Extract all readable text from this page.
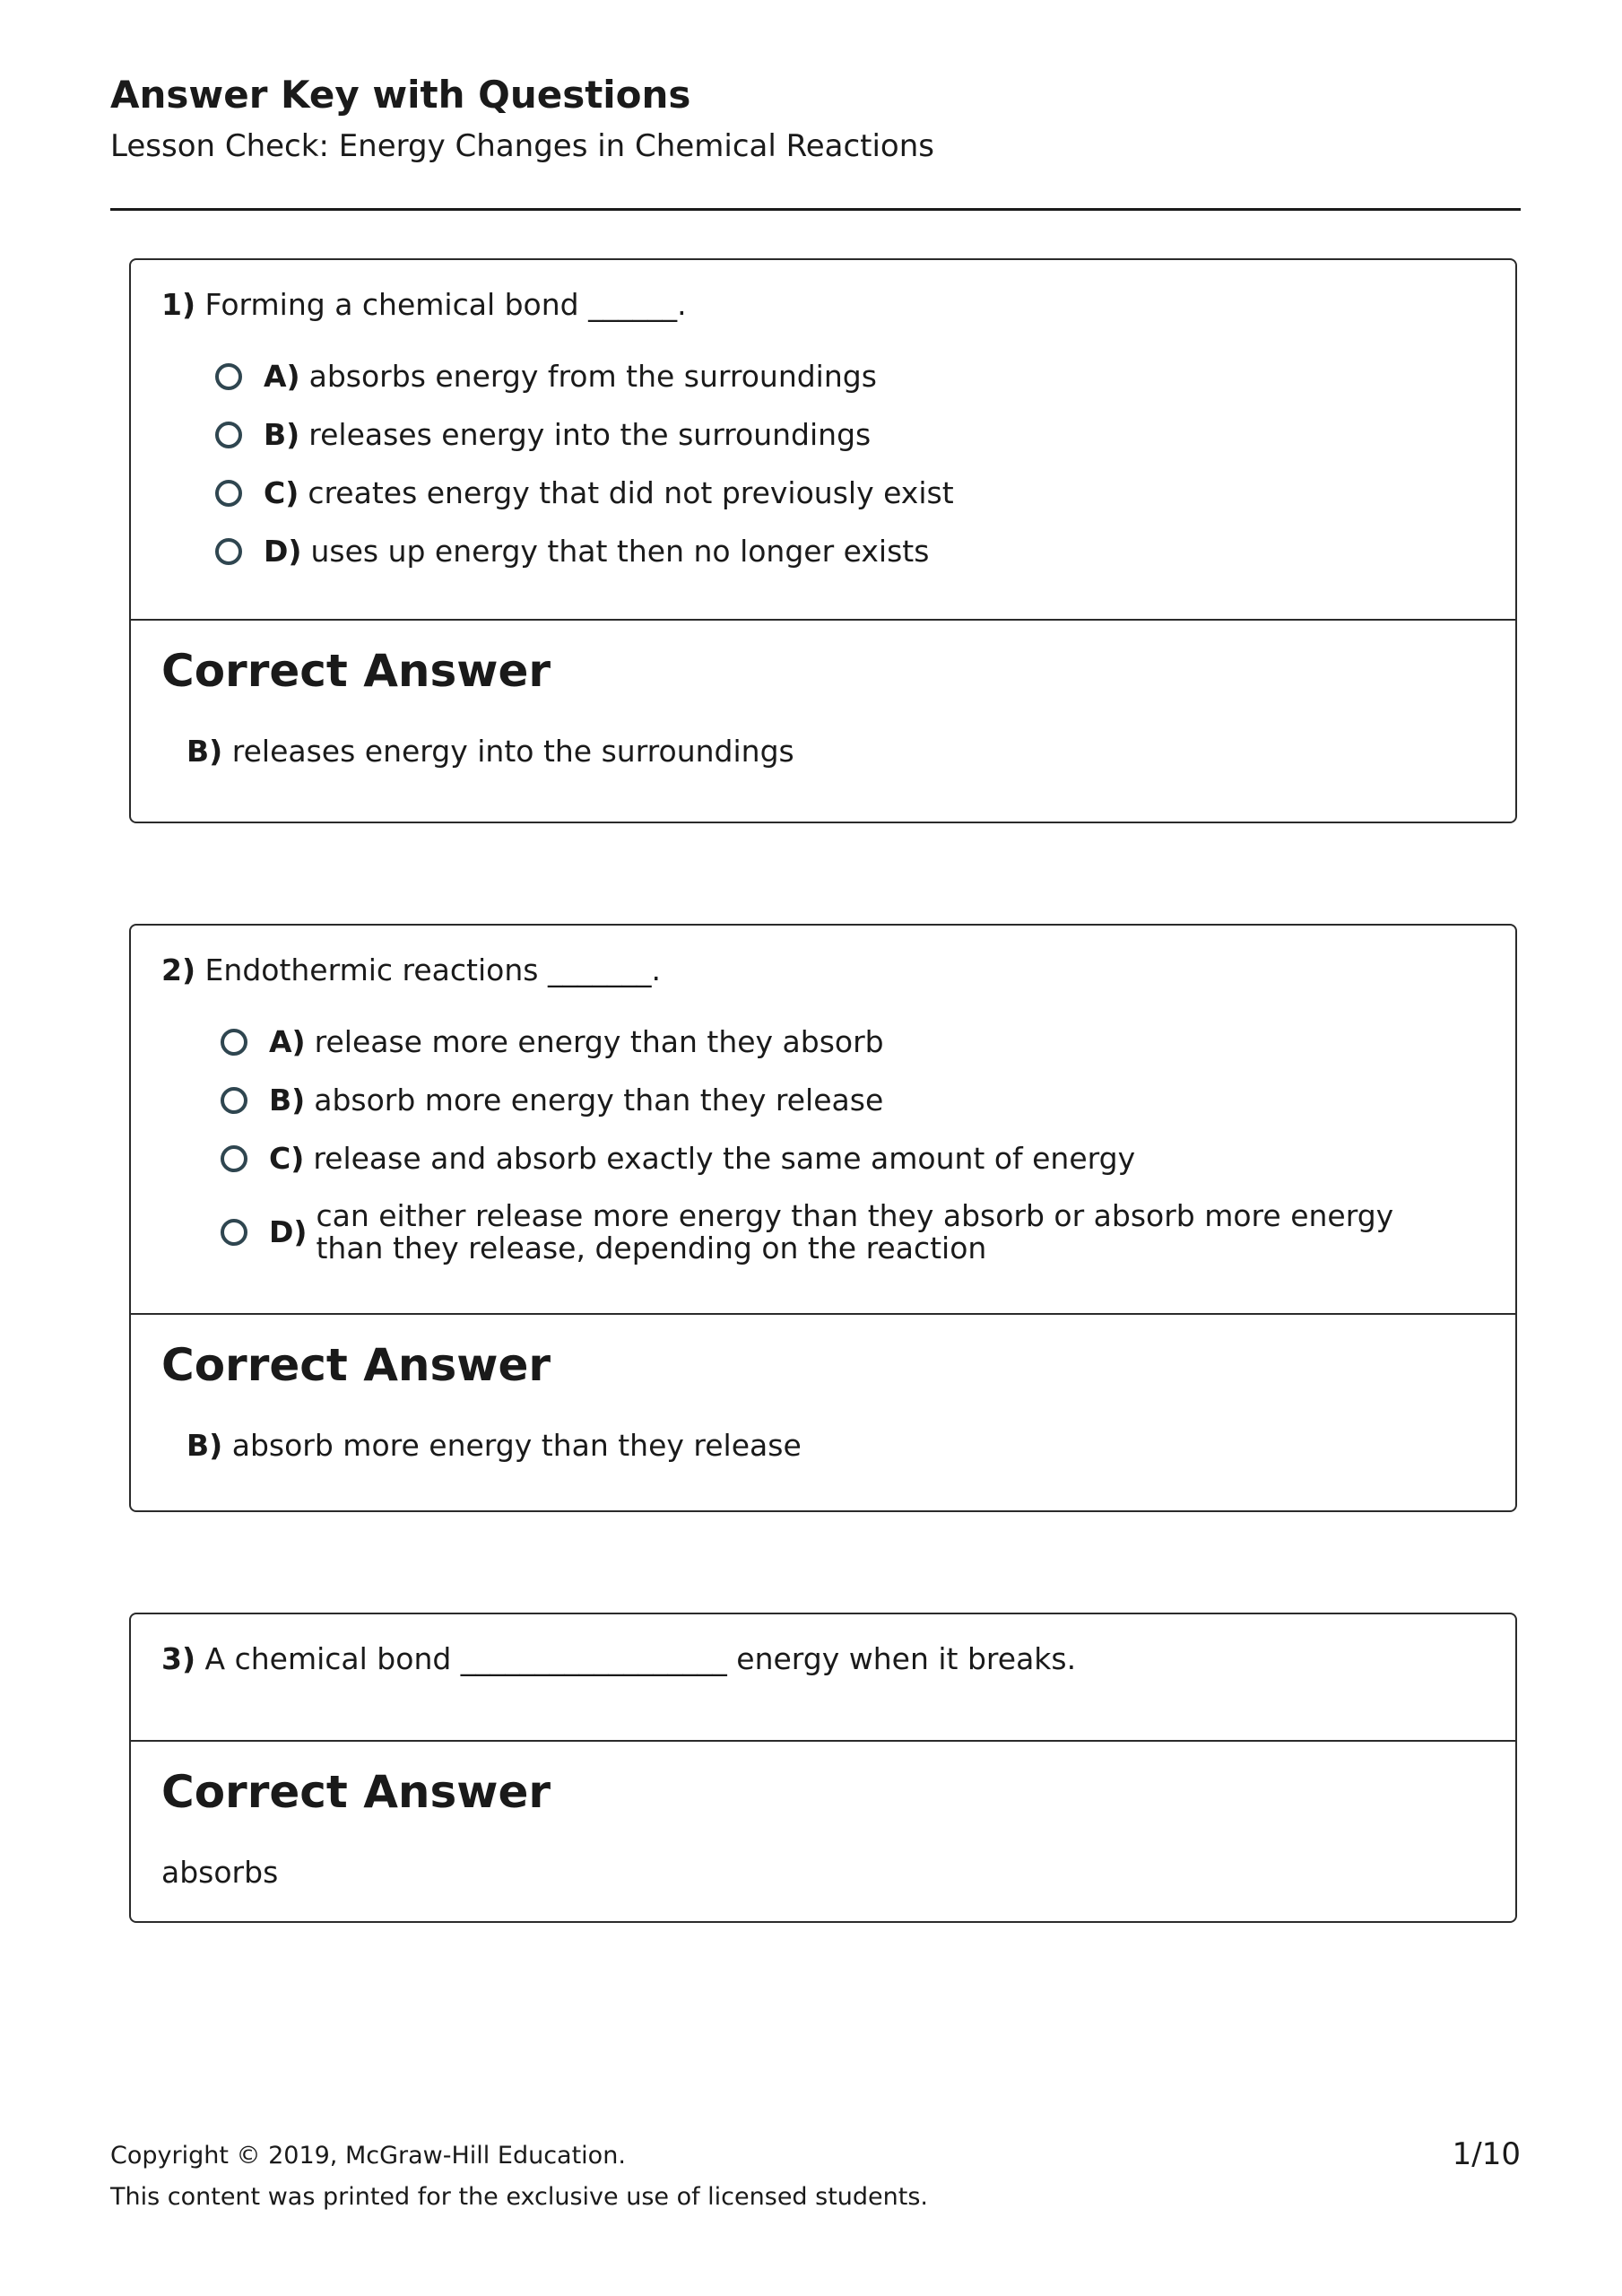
Answer Key with Questions
Lesson Check: Energy Changes in Chemical Reactions
1) Forming a chemical bond ______.
A) absorbs energy from the surroundings
B) releases energy into the surroundings
C) creates energy that did not previously exist
D) uses up energy that then no longer exists
Correct Answer
B) releases energy into the surroundings
2) Endothermic reactions _______.
A) release more energy than they absorb
B) absorb more energy than they release
C) release and absorb exactly the same amount of energy
D) can either release more energy than they absorb or absorb more energy than they release, depending on the reaction
Correct Answer
B) absorb more energy than they release
3) A chemical bond __________________ energy when it breaks.
Correct Answer
absorbs
Copyright © 2019, McGraw-Hill Education.
This content was printed for the exclusive use of licensed students.
1/10
